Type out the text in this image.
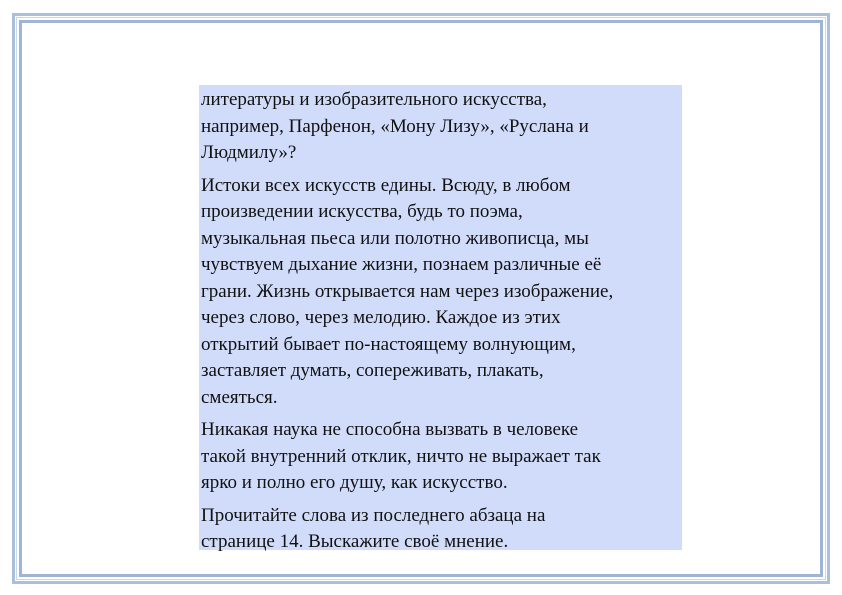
литературы и изобразительного искусства,
например, Парфенон, «Мону Лизу», «Руслана и
Людмилу»?

Истоки всех искусств едины. Всюду, в любом
произведении искусства, будь то поэма,
музыкальная пьеса или полотно живописца, мы
чувствуем дыхание жизни, познаем различные её
грани. Жизнь открывается нам через изображение,
через слово, через мелодию. Каждое из этих
открытий бывает по-настоящему волнующим,
заставляет думать, сопереживать, плакать,
смеяться.

Никакая наука не способна вызвать в человеке
такой внутренний отклик, ничто не выражает так
ярко и полно его душу, как искусство.

Прочитайте слова из последнего абзаца на
странице 14. Выскажите своё мнение.
